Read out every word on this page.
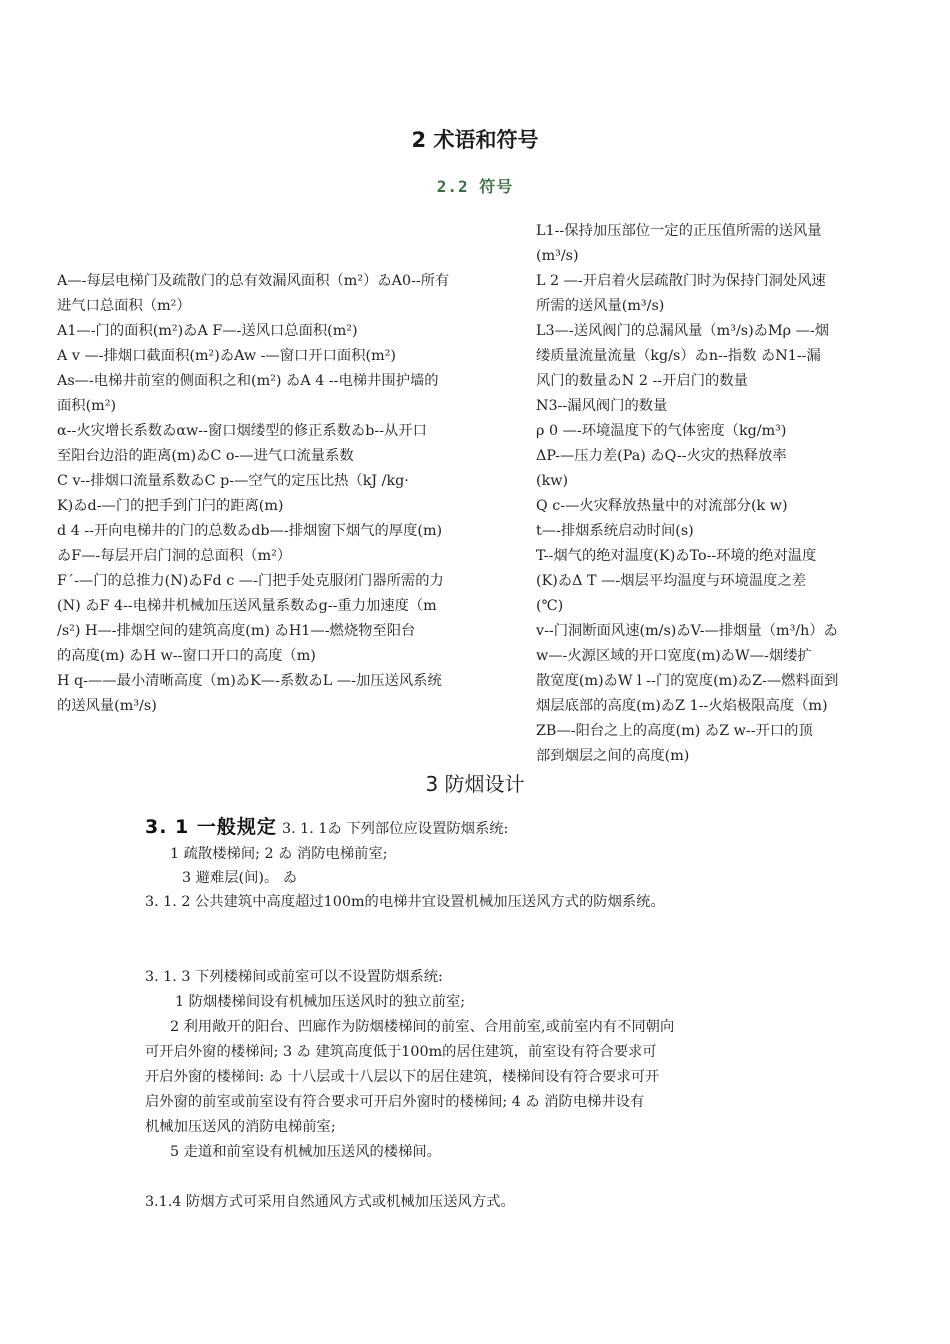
2 术语和符号
2.2 符号
A—-每层电梯门及疏散门的总有效漏风面积（m²）ゐA0--所有
进气口总面积（m²）
A1—-门的面积(m²)ゐA F—-送风口总面积(m²)
A v —-排烟口截面积(m²)ゐAw -—窗口开口面积(m²)
As—-电梯井前室的侧面积之和(m²) ゐA 4 --电梯井围护墙的
面积(m²)
α--火灾增长系数ゐαw--窗口烟缕型的修正系数ゐb--从开口
至阳台边沿的距离(m)ゐC o-—进气口流量系数
C v--排烟口流量系数ゐC p-—空气的定压比热（kJ /kg·
K)ゐd-—门的把手到门闩的距离(m)
d 4 --开向电梯井的门的总数ゐdb—-排烟窗下烟气的厚度(m)
ゐF—-每层开启门洞的总面积（m²）
F´-—门的总推力(N)ゐFd c —-门把手处克服闭门器所需的力
(N) ゐF 4--电梯井机械加压送风量系数ゐg--重力加速度（m
/s²) H—-排烟空间的建筑高度(m) ゐH1—-燃烧物至阳台
的高度(m) ゐH w--窗口开口的高度（m)
H q-——最小清晰高度（m)ゐK—-系数ゐL —-加压送风系统
的送风量(m³/s)
L1--保持加压部位一定的正压值所需的送风量
(m³/s)
L 2 —-开启着火层疏散门时为保持门洞处风速
所需的送风量(m³/s)
L3—-送风阀门的总漏风量（m³/s)ゐMρ —-烟
缕质量流量流量（kg/s）ゐn--指数 ゐN1--漏
风门的数量ゐN 2 --开启门的数量
N3--漏风阀门的数量
ρ 0 —-环境温度下的气体密度（kg/m³)
ΔP-—压力差(Pa) ゐQ--火灾的热释放率
(kw)
Q c-—火灾释放热量中的对流部分(k w)
t—-排烟系统启动时间(s)
T--烟气的绝对温度(K)ゐTo--环境的绝对温度
(K)ゐΔ T —-烟层平均温度与环境温度之差
(℃)
v--门洞断面风速(m/s)ゐV-—排烟量（m³/h）ゐ
w—-火源区域的开口宽度(m)ゐW—-烟缕扩
散宽度(m)ゐW l --门的宽度(m)ゐZ-—燃料面到
烟层底部的高度(m)ゐZ 1--火焰极限高度（m)
ZB—-阳台之上的高度(m) ゐZ w--开口的顶
部到烟层之间的高度(m)
3 防烟设计
3. 1 一般规定 3. 1. 1ゐ 下列部位应设置防烟系统:
1 疏散楼梯间; 2 ゐ 消防电梯前室;
3 避难层(间)。 ゐ
3. 1. 2 公共建筑中高度超过100m的电梯井宜设置机械加压送风方式的防烟系统。
3. 1. 3 下列楼梯间或前室可以不设置防烟系统:
1 防烟楼梯间设有机械加压送风时的独立前室;
2 利用敞开的阳台、凹廊作为防烟楼梯间的前室、合用前室,或前室内有不同朝向
可开启外窗的楼梯间; 3 ゐ 建筑高度低于100m的居住建筑，前室设有符合要求可
开启外窗的楼梯间: ゐ 十八层或十八层以下的居住建筑，楼梯间设有符合要求可开
启外窗的前室或前室设有符合要求可开启外窗时的楼梯间; 4 ゐ 消防电梯井设有
机械加压送风的消防电梯前室;
5 走道和前室设有机械加压送风的楼梯间。
3.1.4 防烟方式可采用自然通风方式或机械加压送风方式。
